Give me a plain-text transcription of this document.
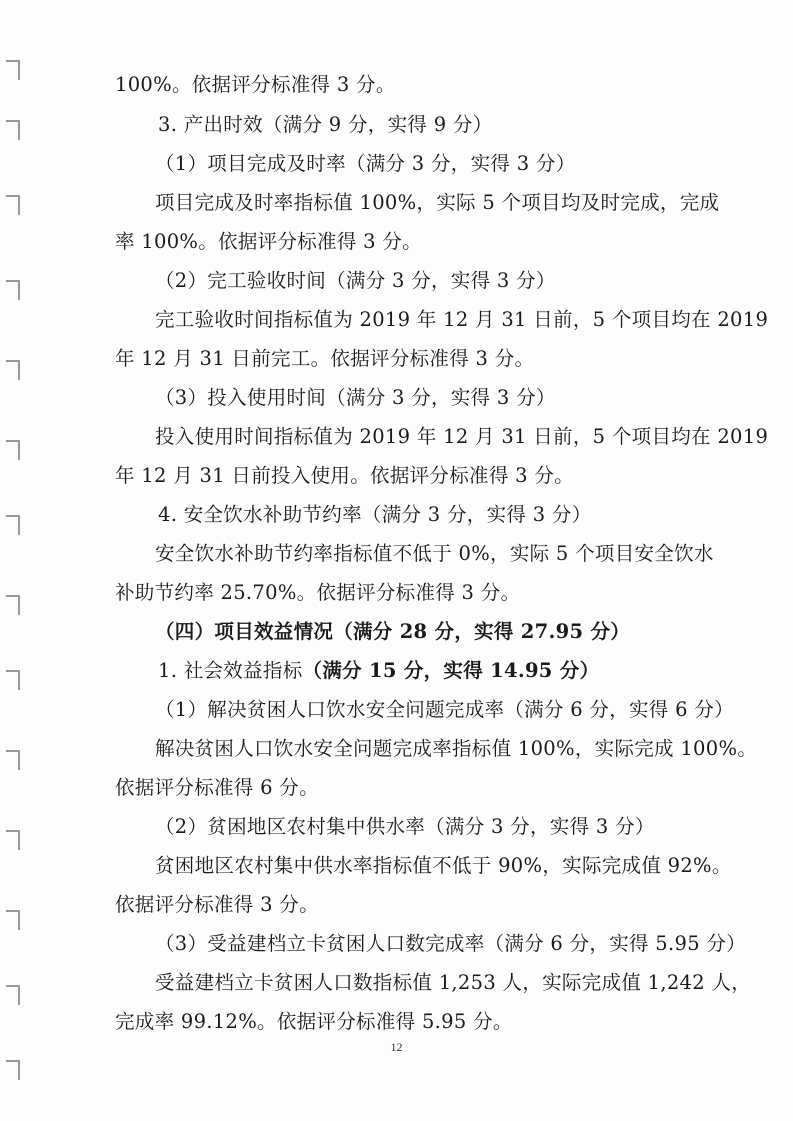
100%。依据评分标准得 3 分。
3. 产出时效（满分 9 分，实得 9 分）
（1）项目完成及时率（满分 3 分，实得 3 分）
项目完成及时率指标值 100%，实际 5 个项目均及时完成，完成
率 100%。依据评分标准得 3 分。
（2）完工验收时间（满分 3 分，实得 3 分）
完工验收时间指标值为 2019 年 12 月 31 日前，5 个项目均在 2019
年 12 月 31 日前完工。依据评分标准得 3 分。
（3）投入使用时间（满分 3 分，实得 3 分）
投入使用时间指标值为 2019 年 12 月 31 日前，5 个项目均在 2019
年 12 月 31 日前投入使用。依据评分标准得 3 分。
4. 安全饮水补助节约率（满分 3 分，实得 3 分）
安全饮水补助节约率指标值不低于 0%，实际 5 个项目安全饮水
补助节约率 25.70%。依据评分标准得 3 分。
（四）项目效益情况（满分 28 分，实得 27.95 分）
1. 社会效益指标（满分 15 分，实得 14.95 分）
（1）解决贫困人口饮水安全问题完成率（满分 6 分，实得 6 分）
解决贫困人口饮水安全问题完成率指标值 100%，实际完成 100%。
依据评分标准得 6 分。
（2）贫困地区农村集中供水率（满分 3 分，实得 3 分）
贫困地区农村集中供水率指标值不低于 90%，实际完成值 92%。
依据评分标准得 3 分。
（3）受益建档立卡贫困人口数完成率（满分 6 分，实得 5.95 分）
受益建档立卡贫困人口数指标值 1,253 人，实际完成值 1,242 人，
完成率 99.12%。依据评分标准得 5.95 分。
12
